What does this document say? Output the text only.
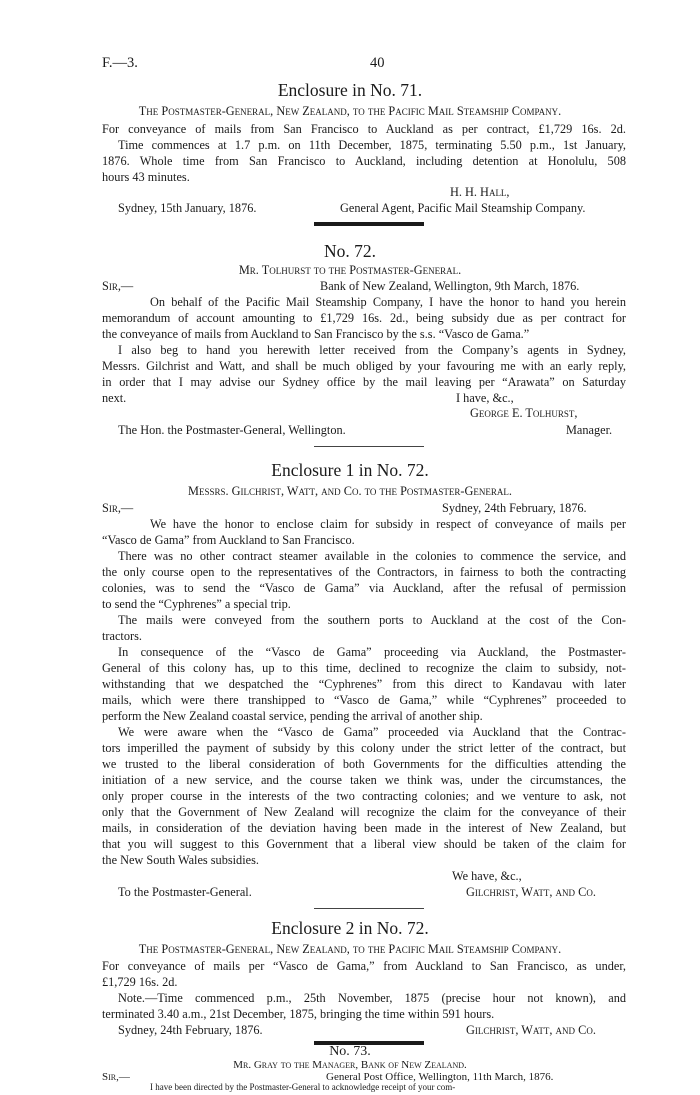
F.—3.	40
Enclosure in No. 71.
The Postmaster-General, New Zealand, to the Pacific Mail Steamship Company.
For conveyance of mails from San Francisco to Auckland as per contract, £1,729 16s. 2d.
Time commences at 1.7 p.m. on 11th December, 1875, terminating 5.50 p.m., 1st January,
1876. Whole time from San Francisco to Auckland, including detention at Honolulu, 508
hours 43 minutes.
H. H. Hall,
Sydney, 15th January, 1876.	General Agent, Pacific Mail Steamship Company.
No. 72.
Mr. Tolhurst to the Postmaster-General.
Sir,—	Bank of New Zealand, Wellington, 9th March, 1876.
On behalf of the Pacific Mail Steamship Company, I have the honor to hand you herein
memorandum of account amounting to £1,729 16s. 2d., being subsidy due as per contract for
the conveyance of mails from Auckland to San Francisco by the s.s. “Vasco de Gama.”
I also beg to hand you herewith letter received from the Company’s agents in Sydney,
Messrs. Gilchrist and Watt, and shall be much obliged by your favouring me with an early reply,
in order that I may advise our Sydney office by the mail leaving per “Arawata” on Saturday
next.	I have, &c.,
George E. Tolhurst,
The Hon. the Postmaster-General, Wellington.	Manager.
Enclosure 1 in No. 72.
Messrs. Gilchrist, Watt, and Co. to the Postmaster-General.
Sir,—	Sydney, 24th February, 1876.
We have the honor to enclose claim for subsidy in respect of conveyance of mails per
“Vasco de Gama” from Auckland to San Francisco.
There was no other contract steamer available in the colonies to commence the service, and
the only course open to the representatives of the Contractors, in fairness to both the contracting
colonies, was to send the “Vasco de Gama” via Auckland, after the refusal of permission
to send the “Cyphrenes” a special trip.
The mails were conveyed from the southern ports to Auckland at the cost of the Con-
tractors.
In consequence of the “Vasco de Gama” proceeding via Auckland, the Postmaster-
General of this colony has, up to this time, declined to recognize the claim to subsidy, not-
withstanding that we despatched the “Cyphrenes” from this direct to Kandavau with later
mails, which were there transhipped to “Vasco de Gama,” while “Cyphrenes” proceeded to
perform the New Zealand coastal service, pending the arrival of another ship.
We were aware when the “Vasco de Gama” proceeded via Auckland that the Contrac-
tors imperilled the payment of subsidy by this colony under the strict letter of the contract, but
we trusted to the liberal consideration of both Governments for the difficulties attending the
initiation of a new service, and the course taken we think was, under the circumstances, the
only proper course in the interests of the two contracting colonies; and we venture to ask, not
only that the Government of New Zealand will recognize the claim for the conveyance of their
mails, in consideration of the deviation having been made in the interest of New Zealand, but
that you will suggest to this Government that a liberal view should be taken of the claim for
the New South Wales subsidies.
We have, &c.,
To the Postmaster-General.	Gilchrist, Watt, and Co.
Enclosure 2 in No. 72.
The Postmaster-General, New Zealand, to the Pacific Mail Steamship Company.
For conveyance of mails per “Vasco de Gama,” from Auckland to San Francisco, as under,
£1,729 16s. 2d.
Note.—Time commenced p.m., 25th November, 1875 (precise hour not known), and
terminated 3.40 a.m., 21st December, 1875, bringing the time within 591 hours.
Sydney, 24th February, 1876.	Gilchrist, Watt, and Co.
No. 73.
Mr. Gray to the Manager, Bank of New Zealand.
Sir,—	General Post Office, Wellington, 11th March, 1876.
I have been directed by the Postmaster-General to acknowledge receipt of your com-
